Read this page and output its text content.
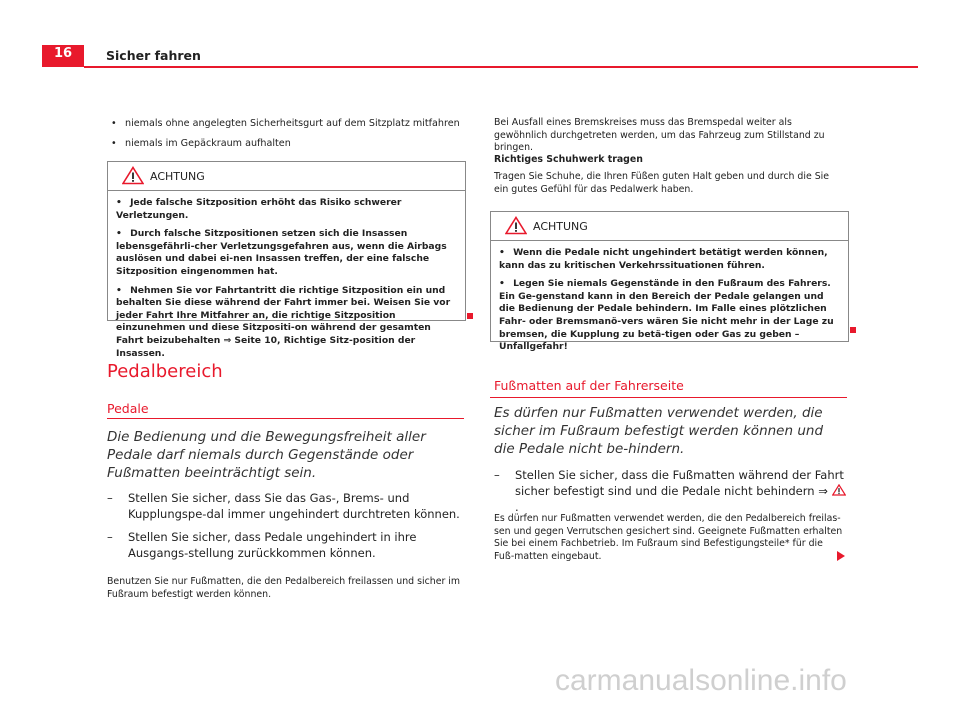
16	Sicher fahren
• niemals ohne angelegten Sicherheitsgurt auf dem Sitzplatz mitfahren
• niemals im Gepäckraum aufhalten
ACHTUNG

• Jede falsche Sitzposition erhöht das Risiko schwerer Verletzungen.

• Durch falsche Sitzpositionen setzen sich die Insassen lebensgefährli-cher Verletzungsgefahren aus, wenn die Airbags auslösen und dabei ei-nen Insassen treffen, der eine falsche Sitzposition eingenommen hat.

• Nehmen Sie vor Fahrtantritt die richtige Sitzposition ein und behalten Sie diese während der Fahrt immer bei. Weisen Sie vor jeder Fahrt Ihre Mitfahrer an, die richtige Sitzposition einzunehmen und diese Sitzpositi-on während der gesamten Fahrt beizubehalten ⇒ Seite 10, Richtige Sitz-position der Insassen.

Pedalbereich
Pedale
Die Bedienung und die Bewegungsfreiheit aller Pedale darf niemals durch Gegenstände oder Fußmatten beeinträchtigt sein.
–	Stellen Sie sicher, dass Sie das Gas-, Brems- und Kupplungspe-dal immer ungehindert durchtreten können.
–	Stellen Sie sicher, dass Pedale ungehindert in ihre Ausgangs-stellung zurückkommen können.
Benutzen Sie nur Fußmatten, die den Pedalbereich freilassen und sicher im Fußraum befestigt werden können.
Bei Ausfall eines Bremskreises muss das Bremspedal weiter als gewöhnlich durchgetreten werden, um das Fahrzeug zum Stillstand zu bringen.
Richtiges Schuhwerk tragen
Tragen Sie Schuhe, die Ihren Füßen guten Halt geben und durch die Sie ein gutes Gefühl für das Pedalwerk haben.
ACHTUNG

• Wenn die Pedale nicht ungehindert betätigt werden können, kann das zu kritischen Verkehrssituationen führen.

• Legen Sie niemals Gegenstände in den Fußraum des Fahrers. Ein Ge-genstand kann in den Bereich der Pedale gelangen und die Bedienung der Pedale behindern. Im Falle eines plötzlichen Fahr- oder Bremsmanö-vers wären Sie nicht mehr in der Lage zu bremsen, die Kupplung zu betä-tigen oder Gas zu geben – Unfallgefahr!

Fußmatten auf der Fahrerseite
Es dürfen nur Fußmatten verwendet werden, die sicher im Fußraum befestigt werden können und die Pedale nicht be-hindern.
–	Stellen Sie sicher, dass die Fußmatten während der Fahrt sicher befestigt sind und die Pedale nicht behindern ⇒ .
Es dürfen nur Fußmatten verwendet werden, die den Pedalbereich freilas-sen und gegen Verrutschen gesichert sind. Geeignete Fußmatten erhalten Sie bei einem Fachbetrieb. Im Fußraum sind Befestigungsteile* für die Fuß-matten eingebaut.
carmanualsonline.info
